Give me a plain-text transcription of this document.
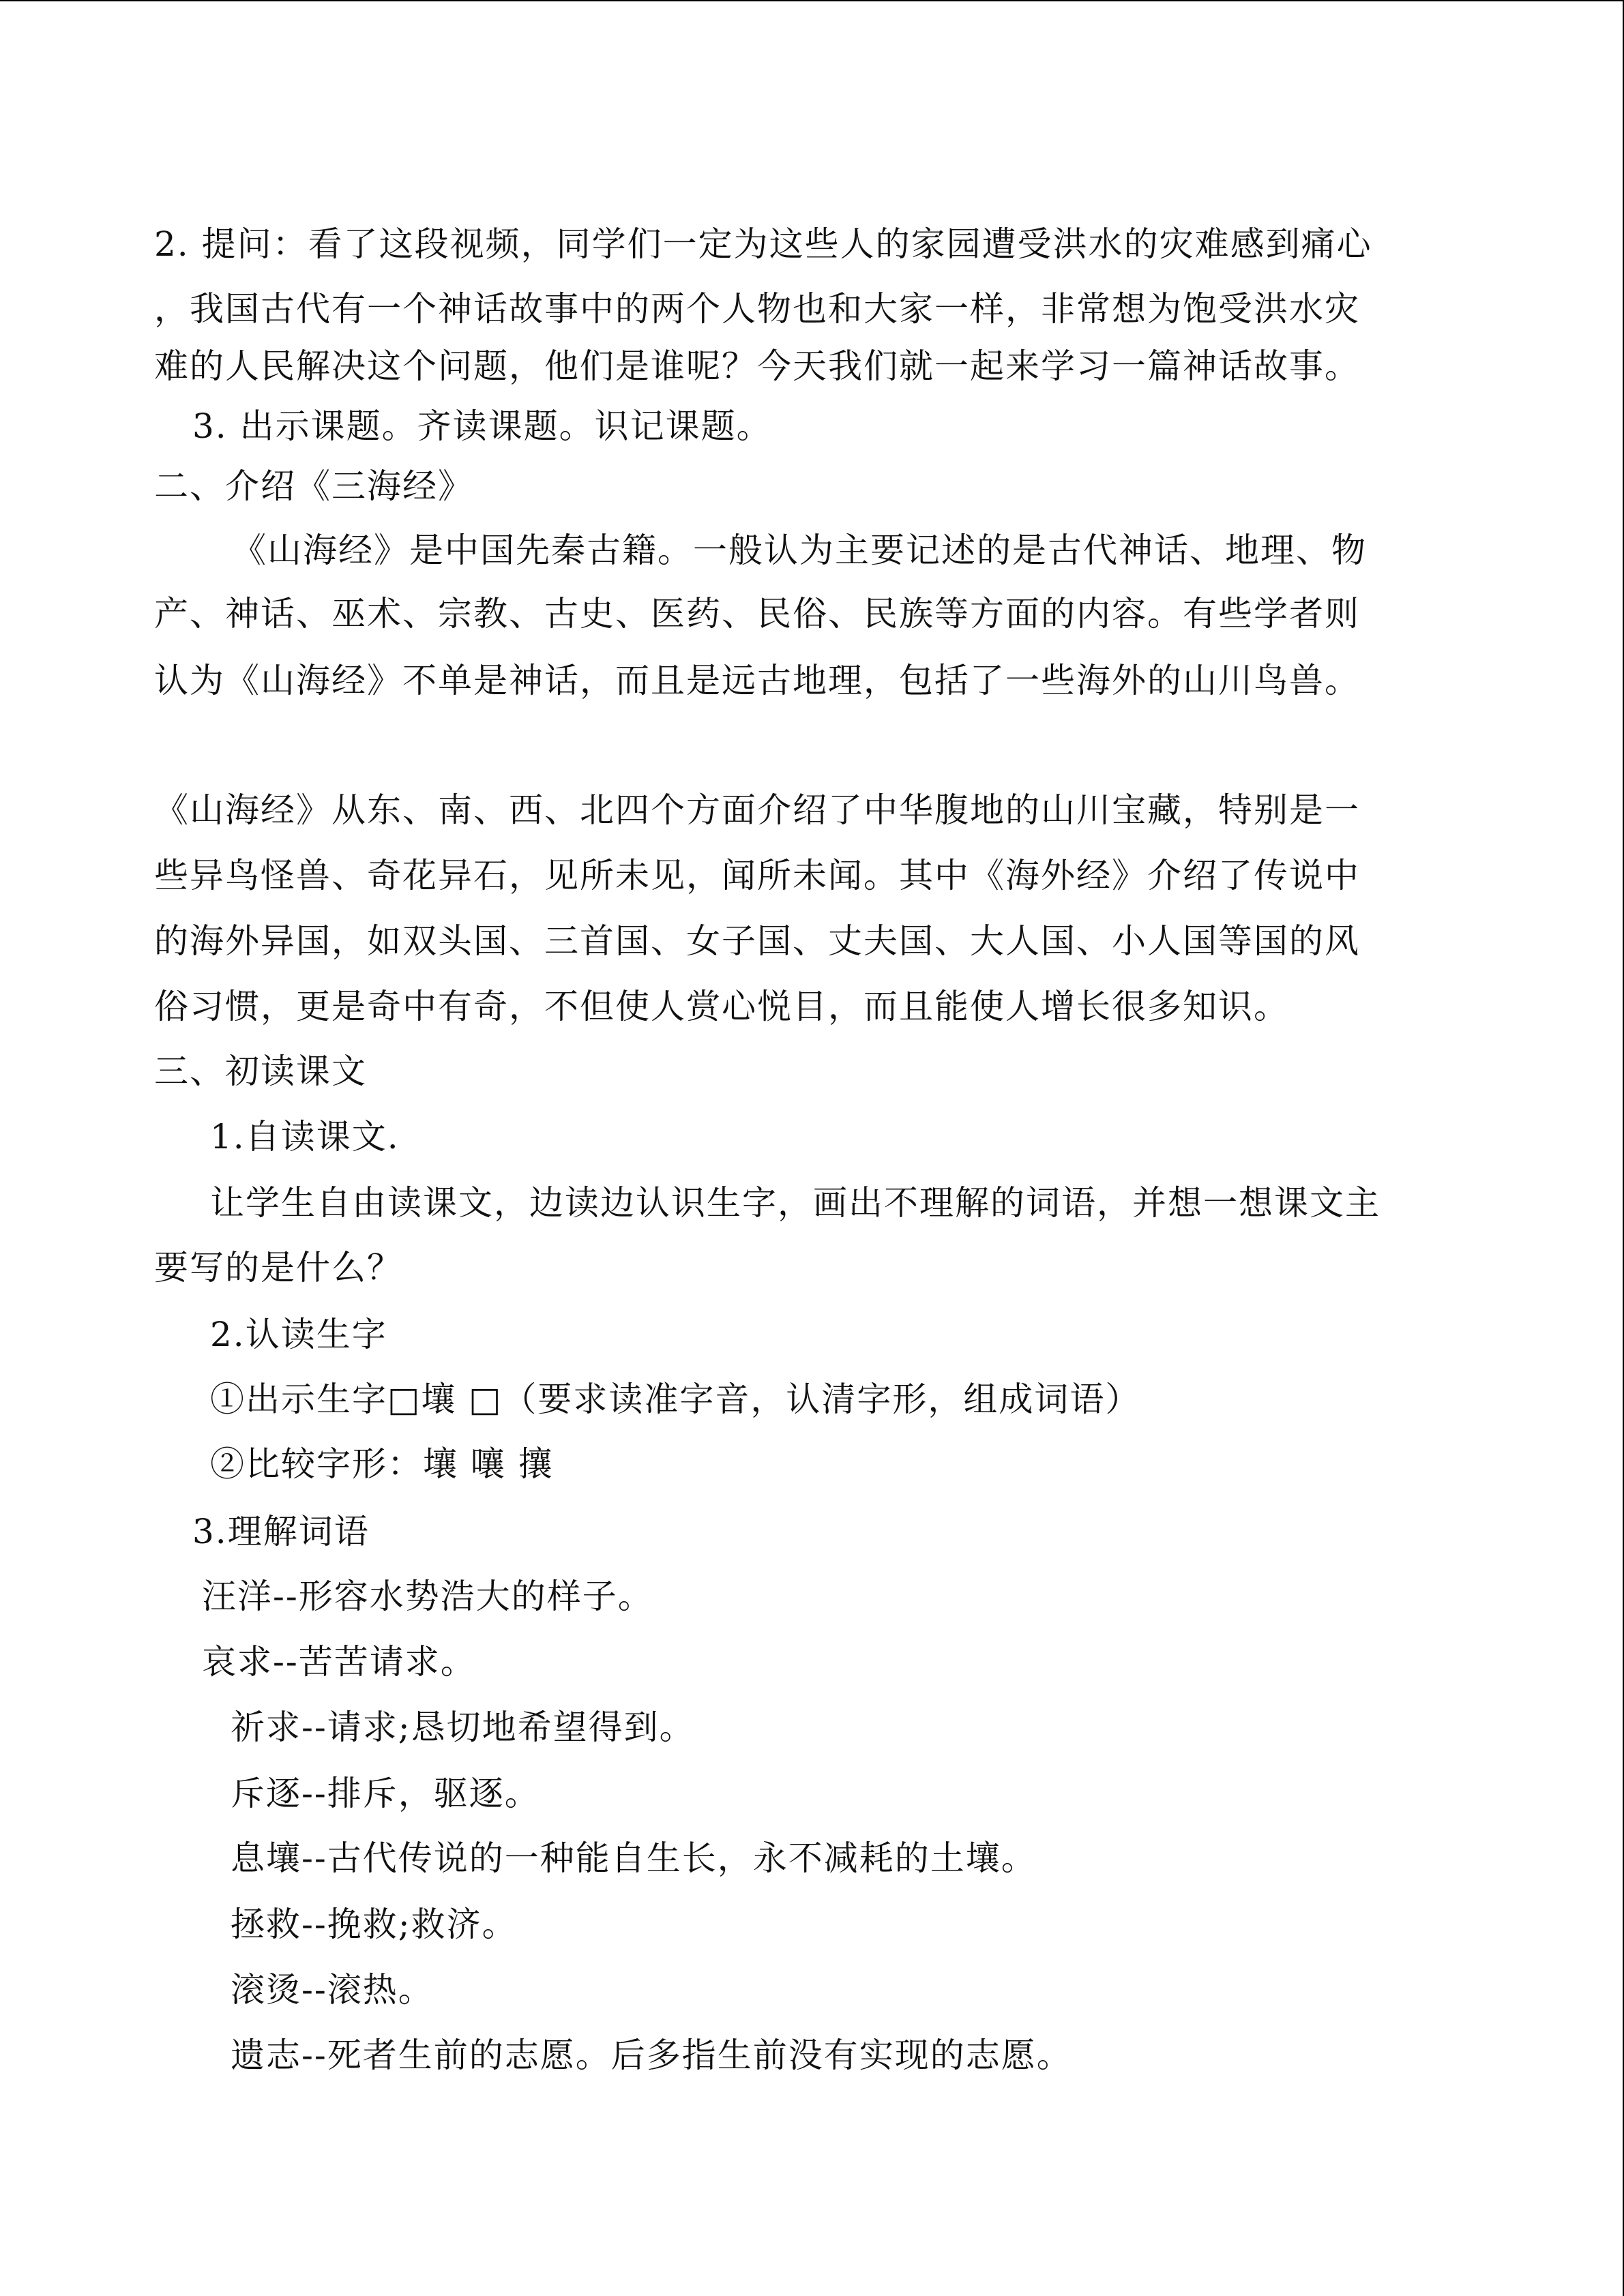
2. 提问：看了这段视频，同学们一定为这些人的家园遭受洪水的灾难感到痛心
，我国古代有一个神话故事中的两个人物也和大家一样，非常想为饱受洪水灾
难的人民解决这个问题，他们是谁呢？今天我们就一起来学习一篇神话故事。
3. 出示课题。齐读课题。识记课题。
二、介绍《三海经》
《山海经》是中国先秦古籍。一般认为主要记述的是古代神话、地理、物
产、神话、巫术、宗教、古史、医药、民俗、民族等方面的内容。有些学者则
认为《山海经》不单是神话，而且是远古地理，包括了一些海外的山川鸟兽。
《山海经》从东、南、西、北四个方面介绍了中华腹地的山川宝藏，特别是一
些异鸟怪兽、奇花异石，见所未见，闻所未闻。其中《海外经》介绍了传说中
的海外异国，如双头国、三首国、女子国、丈夫国、大人国、小人国等国的风
俗习惯，更是奇中有奇，不但使人赏心悦目，而且能使人增长很多知识。
三、初读课文
1.自读课文.
让学生自由读课文，边读边认识生字，画出不理解的词语，并想一想课文主
要写的是什么？
2.认读生字
①出示生字□壤 □（要求读准字音，认清字形，组成词语）
②比较字形：壤 嚷 攘
3.理解词语
汪洋--形容水势浩大的样子。
哀求--苦苦请求。
祈求--请求;恳切地希望得到。
斥逐--排斥，驱逐。
息壤--古代传说的一种能自生长，永不减耗的土壤。
拯救--挽救;救济。
滚烫--滚热。
遗志--死者生前的志愿。后多指生前没有实现的志愿。
